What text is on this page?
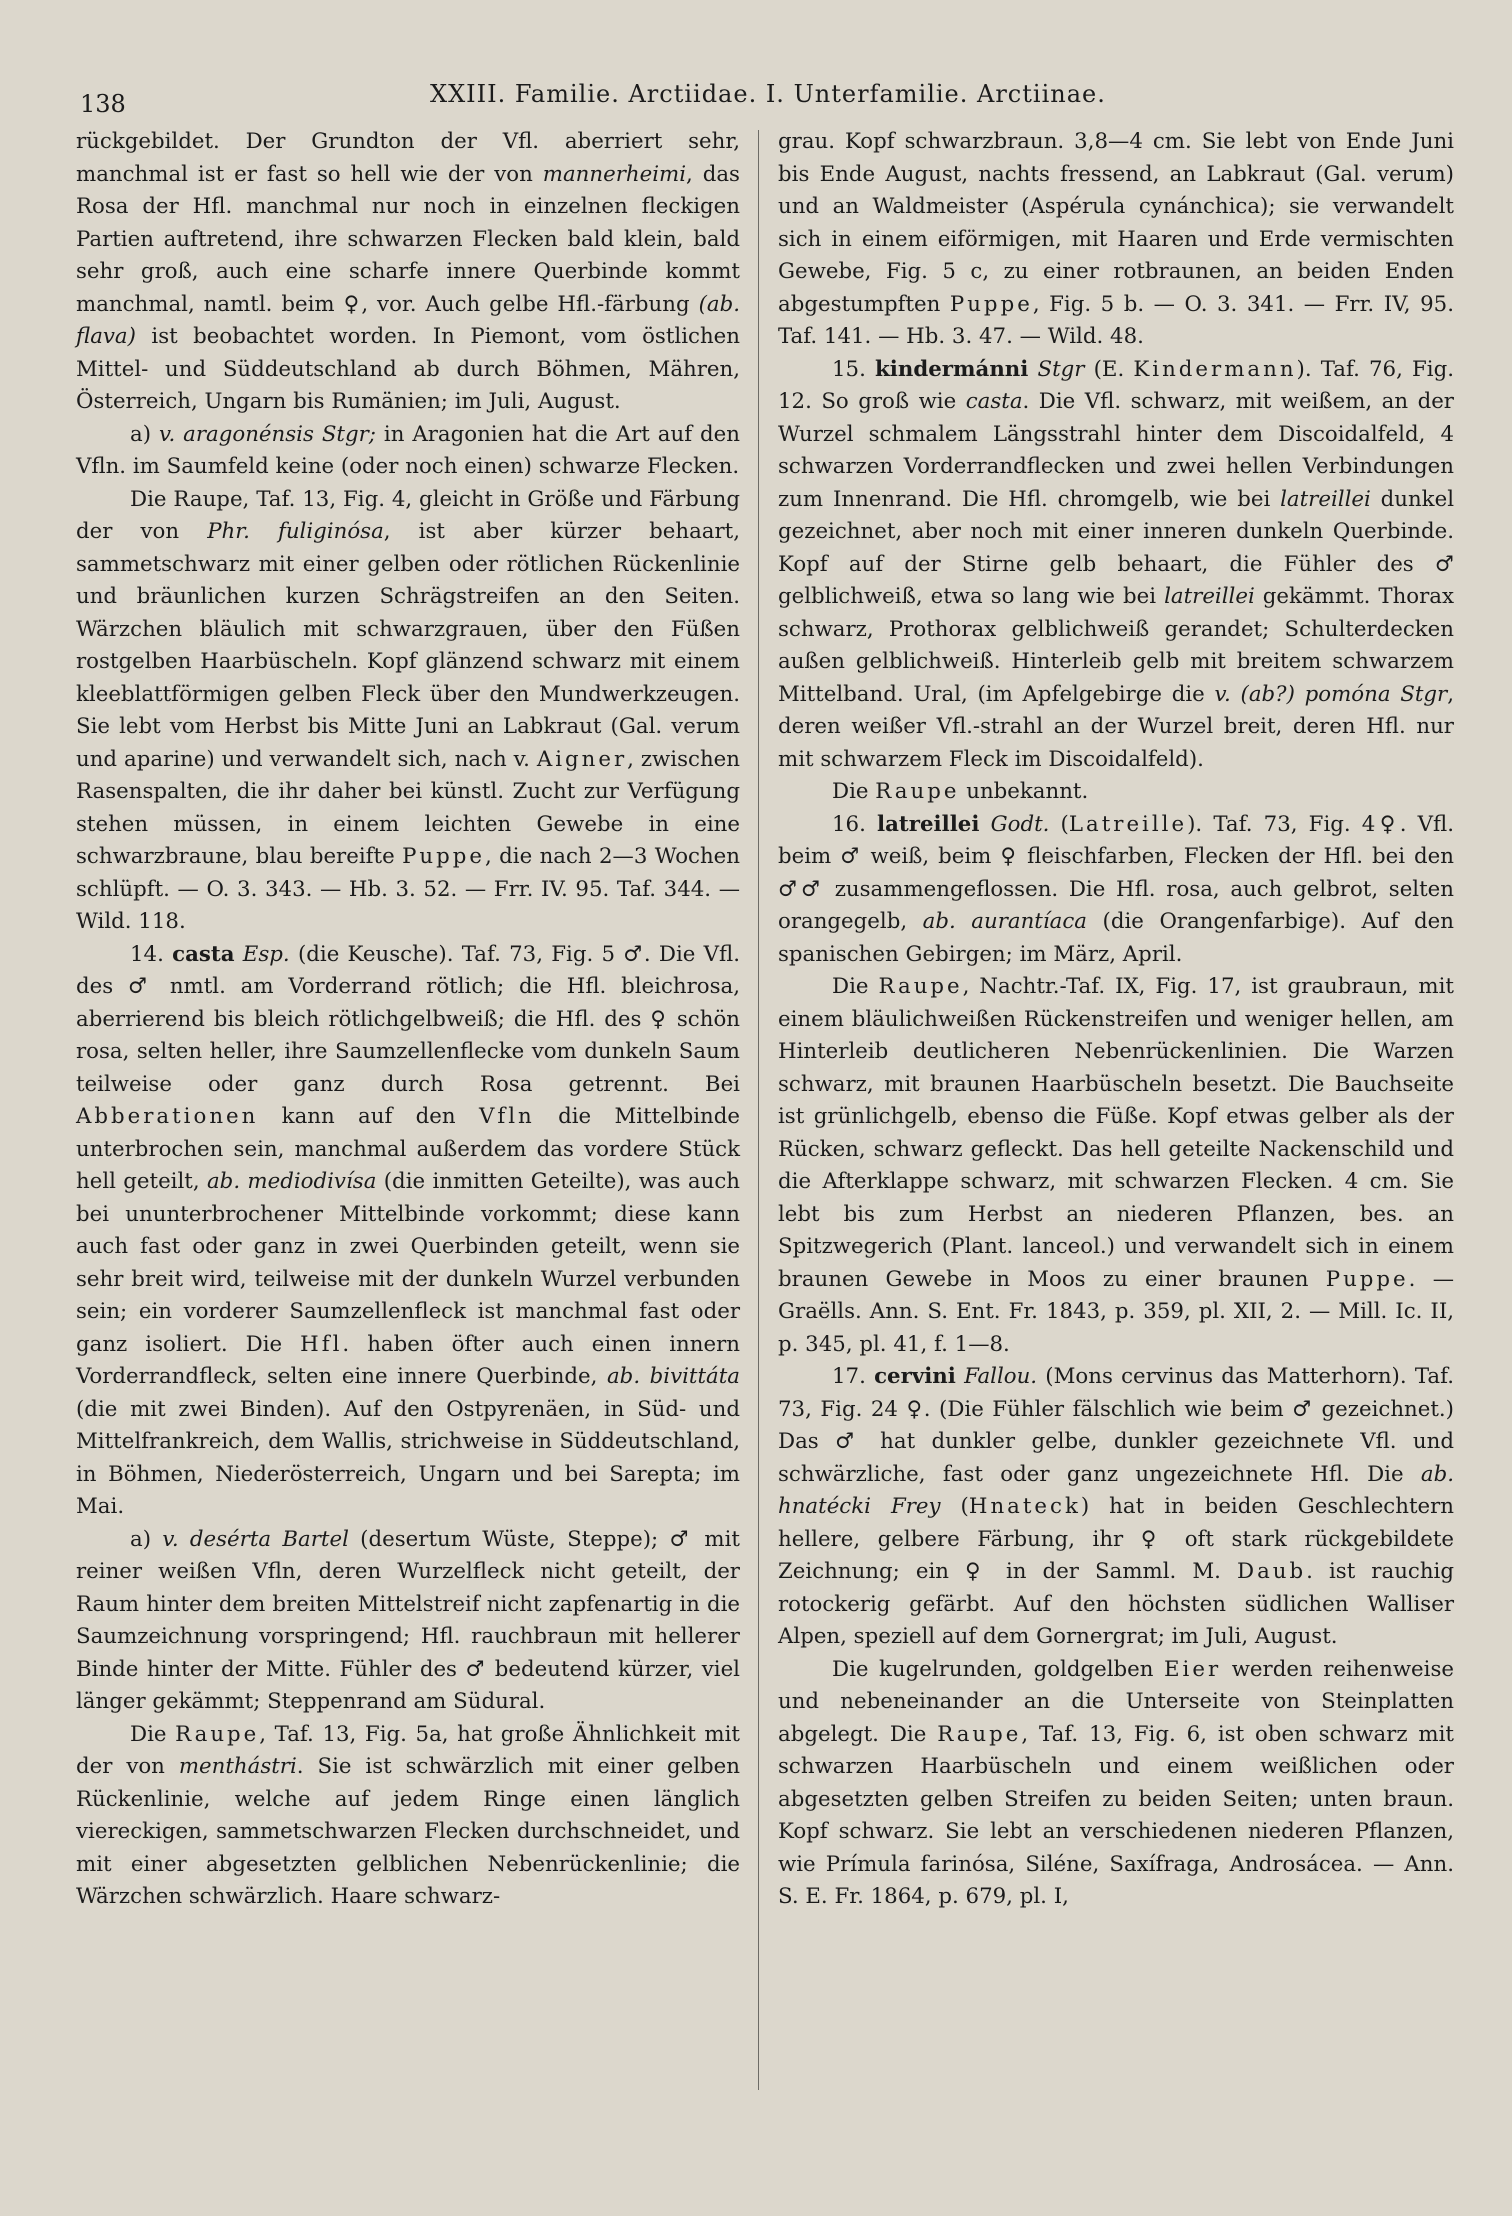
138	XXIII. Familie. Arctiidae. I. Unterfamilie. Arctiinae.

rückgebildet. Der Grundton der Vfl. aberriert sehr, manchmal ist er fast so hell wie der von mannerheimi, das Rosa der Hfl. manchmal nur noch in einzelnen fleckigen Partien auftretend, ihre schwarzen Flecken bald klein, bald sehr groß, auch eine scharfe innere Querbinde kommt manchmal, namtl. beim ♀, vor. Auch gelbe Hfl.-färbung (ab. flava) ist beobachtet worden. In Piemont, vom östlichen Mittel- und Süddeutschland ab durch Böhmen, Mähren, Österreich, Ungarn bis Rumänien; im Juli, August.

a) v. aragonénsis Stgr; in Aragonien hat die Art auf den Vfln. im Saumfeld keine (oder noch einen) schwarze Flecken.

Die Raupe, Taf. 13, Fig. 4, gleicht in Größe und Färbung der von Phr. fuliginósa, ist aber kürzer behaart, sammetschwarz mit einer gelben oder rötlichen Rückenlinie und bräunlichen kurzen Schrägstreifen an den Seiten. Wärzchen bläulich mit schwarzgrauen, über den Füßen rostgelben Haarbüscheln. Kopf glänzend schwarz mit einem kleeblattförmigen gelben Fleck über den Mundwerkzeugen. Sie lebt vom Herbst bis Mitte Juni an Labkraut (Gal. verum und aparine) und verwandelt sich, nach v. Aigner, zwischen Rasenspalten, die ihr daher bei künstl. Zucht zur Verfügung stehen müssen, in einem leichten Gewebe in eine schwarzbraune, blau bereifte Puppe, die nach 2—3 Wochen schlüpft. — O. 3. 343. — Hb. 3. 52. — Frr. IV. 95. Taf. 344. — Wild. 118.

14. casta Esp. (die Keusche). Taf. 73, Fig. 5 ♂. Die Vfl. des ♂ nmtl. am Vorderrand rötlich; die Hfl. bleichrosa, aberrierend bis bleich rötlichgelbweiß; die Hfl. des ♀ schön rosa, selten heller, ihre Saumzellenflecke vom dunkeln Saum teilweise oder ganz durch Rosa getrennt. Bei Abberationen kann auf den Vfln die Mittelbinde unterbrochen sein, manchmal außerdem das vordere Stück hell geteilt, ab. mediodivísa (die inmitten Geteilte), was auch bei ununterbrochener Mittelbinde vorkommt; diese kann auch fast oder ganz in zwei Querbinden geteilt, wenn sie sehr breit wird, teilweise mit der dunkeln Wurzel verbunden sein; ein vorderer Saumzellenfleck ist manchmal fast oder ganz isoliert. Die Hfl. haben öfter auch einen innern Vorderrandfleck, selten eine innere Querbinde, ab. bivittáta (die mit zwei Binden). Auf den Ostpyrenäen, in Süd- und Mittelfrankreich, dem Wallis, strichweise in Süddeutschland, in Böhmen, Niederösterreich, Ungarn und bei Sarepta; im Mai.

a) v. desérta Bartel (desertum Wüste, Steppe); ♂ mit reiner weißen Vfln, deren Wurzelfleck nicht geteilt, der Raum hinter dem breiten Mittelstreif nicht zapfenartig in die Saumzeichnung vorspringend; Hfl. rauchbraun mit hellerer Binde hinter der Mitte. Fühler des ♂ bedeutend kürzer, viel länger gekämmt; Steppenrand am Südural.

Die Raupe, Taf. 13, Fig. 5a, hat große Ähnlichkeit mit der von menthástri. Sie ist schwärzlich mit einer gelben Rückenlinie, welche auf jedem Ringe einen länglich viereckigen, sammetschwarzen Flecken durchschneidet, und mit einer abgesetzten gelblichen Nebenrückenlinie; die Wärzchen schwärzlich. Haare schwarz-

grau. Kopf schwarzbraun. 3,8—4 cm. Sie lebt von Ende Juni bis Ende August, nachts fressend, an Labkraut (Gal. verum) und an Waldmeister (Aspérula cynánchica); sie verwandelt sich in einem eiförmigen, mit Haaren und Erde vermischten Gewebe, Fig. 5 c, zu einer rotbraunen, an beiden Enden abgestumpften Puppe, Fig. 5 b. — O. 3. 341. — Frr. IV, 95. Taf. 141. — Hb. 3. 47. — Wild. 48.

15. kindermánni Stgr (E. Kindermann). Taf. 76, Fig. 12. So groß wie casta. Die Vfl. schwarz, mit weißem, an der Wurzel schmalem Längsstrahl hinter dem Discoidalfeld, 4 schwarzen Vorderrandflecken und zwei hellen Verbindungen zum Innenrand. Die Hfl. chromgelb, wie bei latreillei dunkel gezeichnet, aber noch mit einer inneren dunkeln Querbinde. Kopf auf der Stirne gelb behaart, die Fühler des ♂ gelblichweiß, etwa so lang wie bei latreillei gekämmt. Thorax schwarz, Prothorax gelblichweiß gerandet; Schulterdecken außen gelblichweiß. Hinterleib gelb mit breitem schwarzem Mittelband. Ural, (im Apfelgebirge die v. (ab?) pomóna Stgr, deren weißer Vfl.-strahl an der Wurzel breit, deren Hfl. nur mit schwarzem Fleck im Discoidalfeld).

Die Raupe unbekannt.

16. latreillei Godt. (Latreille). Taf. 73, Fig. 4♀. Vfl. beim ♂ weiß, beim ♀ fleischfarben, Flecken der Hfl. bei den ♂♂ zusammengeflossen. Die Hfl. rosa, auch gelbrot, selten orangegelb, ab. aurantíaca (die Orangenfarbige). Auf den spanischen Gebirgen; im März, April.

Die Raupe, Nachtr.-Taf. IX, Fig. 17, ist graubraun, mit einem bläulichweißen Rückenstreifen und weniger hellen, am Hinterleib deutlicheren Nebenrückenlinien. Die Warzen schwarz, mit braunen Haarbüscheln besetzt. Die Bauchseite ist grünlichgelb, ebenso die Füße. Kopf etwas gelber als der Rücken, schwarz gefleckt. Das hell geteilte Nackenschild und die Afterklappe schwarz, mit schwarzen Flecken. 4 cm. Sie lebt bis zum Herbst an niederen Pflanzen, bes. an Spitzwegerich (Plant. lanceol.) und verwandelt sich in einem braunen Gewebe in Moos zu einer braunen Puppe. — Graëlls. Ann. S. Ent. Fr. 1843, p. 359, pl. XII, 2. — Mill. Ic. II, p. 345, pl. 41, f. 1—8.

17. cervini Fallou. (Mons cervinus das Matterhorn). Taf. 73, Fig. 24 ♀. (Die Fühler fälschlich wie beim ♂ gezeichnet.) Das ♂ hat dunkler gelbe, dunkler gezeichnete Vfl. und schwärzliche, fast oder ganz ungezeichnete Hfl. Die ab. hnatécki Frey (Hnateck) hat in beiden Geschlechtern hellere, gelbere Färbung, ihr ♀ oft stark rückgebildete Zeichnung; ein ♀ in der Samml. M. Daub. ist rauchig rotockerig gefärbt. Auf den höchsten südlichen Walliser Alpen, speziell auf dem Gornergrat; im Juli, August.

Die kugelrunden, goldgelben Eier werden reihenweise und nebeneinander an die Unterseite von Steinplatten abgelegt. Die Raupe, Taf. 13, Fig. 6, ist oben schwarz mit schwarzen Haarbüscheln und einem weißlichen oder abgesetzten gelben Streifen zu beiden Seiten; unten braun. Kopf schwarz. Sie lebt an verschiedenen niederen Pflanzen, wie Prímula farinósa, Siléne, Saxífraga, Androsácea. — Ann. S. E. Fr. 1864, p. 679, pl. I,
